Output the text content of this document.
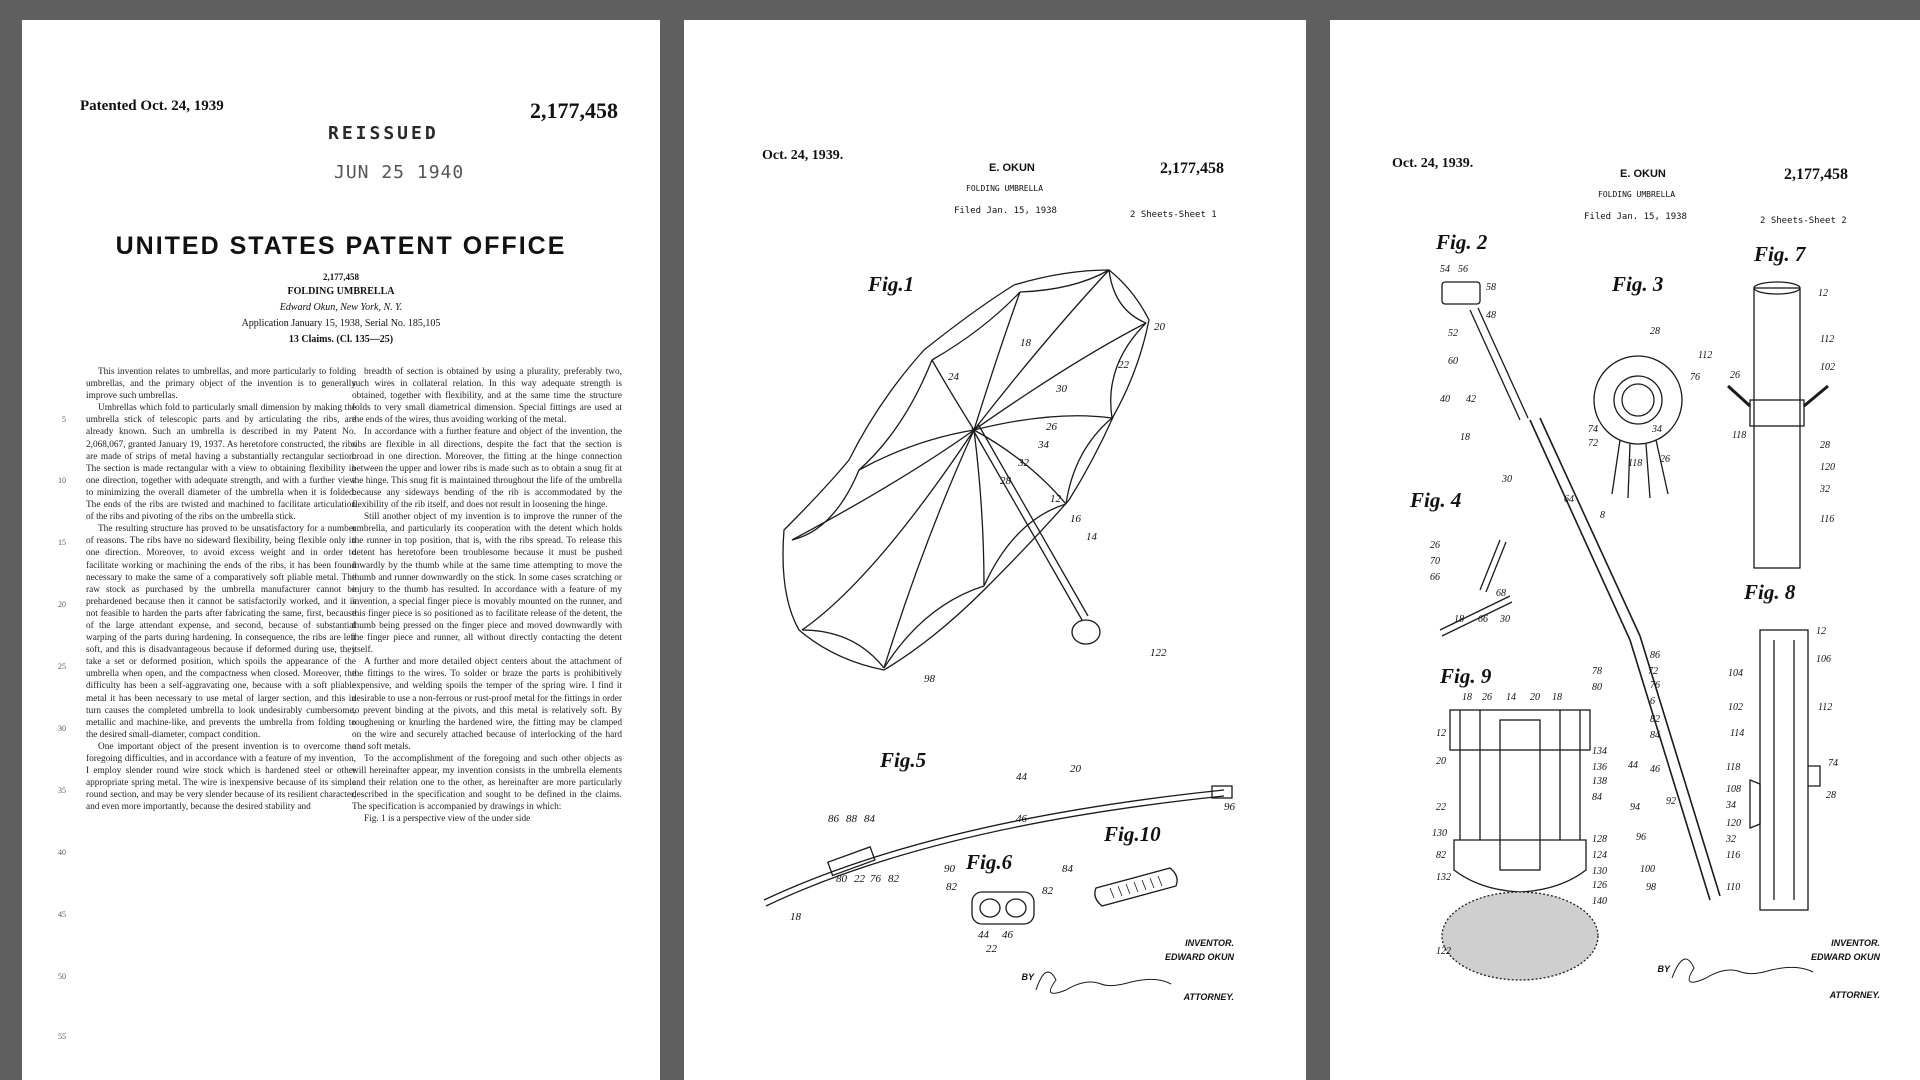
Patented Oct. 24, 1939	2,177,458
REISSUED
JUN 25 1940
UNITED STATES PATENT OFFICE
2,177,458
FOLDING UMBRELLA
Edward Okun, New York, N. Y.
Application January 15, 1938, Serial No. 185,105
13 Claims. (Cl. 135—25)

This invention relates to umbrellas, and more particularly to folding umbrellas, and the primary object of the invention is to generally improve such umbrellas.

Umbrellas which fold to particularly small dimension by making the umbrella stick of telescopic parts and by articulating the ribs, are already known. Such an umbrella is described in my Patent No. 2,068,067, granted January 19, 1937. As heretofore constructed, the ribs are made of strips of metal having a substantially rectangular section. The section is made rectangular with a view to obtaining flexibility in one direction, together with adequate strength, and with a further view to minimizing the overall diameter of the umbrella when it is folded. The ends of the ribs are twisted and machined to facilitate articulation of the ribs and pivoting of the ribs on the umbrella stick.

The resulting structure has proved to be unsatisfactory for a number of reasons. The ribs have no sideward flexibility, being flexible only in one direction. Moreover, to avoid excess weight and in order to facilitate working or machining the ends of the ribs, it has been found necessary to make the same of a comparatively soft pliable metal. The raw stock as purchased by the umbrella manufacturer cannot be prehardened because then it cannot be satisfactorily worked, and it is not feasible to harden the parts after fabricating the same, first, because of the large attendant expense, and second, because of substantial warping of the parts during hardening. In consequence, the ribs are left soft, and this is disadvantageous because if deformed during use, they take a set or deformed position, which spoils the appearance of the umbrella when open, and the compactness when closed. Moreover, the difficulty has been a self-aggravating one, because with a soft pliable metal it has been necessary to use metal of larger section, and this in turn causes the completed umbrella to look undesirably cumbersome, metallic and machine-like, and prevents the umbrella from folding to the desired small-diameter, compact condition.

One important object of the present invention is to overcome the foregoing difficulties, and in accordance with a feature of my invention, I employ slender round wire stock which is hardened steel or other appropriate spring metal. The wire is inexpensive because of its simple round section, and may be very slender because of its resilient character, and even more importantly, because the desired stability and

breadth of section is obtained by using a plurality, preferably two, such wires in collateral relation. In this way adequate strength is obtained, together with flexibility, and at the same time the structure folds to very small diametrical dimension. Special fittings are used at the ends of the wires, thus avoiding working of the metal.

In accordance with a further feature and object of the invention, the ribs are flexible in all directions, despite the fact that the section is broad in one direction. Moreover, the fitting at the hinge connection between the upper and lower ribs is made such as to obtain a snug fit at the hinge. This snug fit is maintained throughout the life of the umbrella because any sideways bending of the rib is accommodated by the flexibility of the rib itself, and does not result in loosening the hinge.

Still another object of my invention is to improve the runner of the umbrella, and particularly its cooperation with the detent which holds the runner in top position, that is, with the ribs spread. To release this detent has heretofore been troublesome because it must be pushed inwardly by the thumb while at the same time attempting to move the thumb and runner downwardly on the stick. In some cases scratching or injury to the thumb has resulted. In accordance with a feature of my invention, a special finger piece is movably mounted on the runner, and this finger piece is so positioned as to facilitate release of the detent, the thumb being pressed on the finger piece and moved downwardly with the finger piece and runner, all without directly contacting the detent itself.

A further and more detailed object centers about the attachment of the fittings to the wires. To solder or braze the parts is prohibitively expensive, and welding spoils the temper of the spring wire. I find it desirable to use a non-ferrous or rust-proof metal for the fittings in order to prevent binding at the pivots, and this metal is relatively soft. By roughening or knurling the hardened wire, the fitting may be clamped on the wire and securely attached because of interlocking of the hard and soft metals.

To the accomplishment of the foregoing and such other objects as will hereinafter appear, my invention consists in the umbrella elements and their relation one to the other, as hereinafter are more particularly described in the specification and sought to be defined in the claims. The specification is accompanied by drawings in which:

Fig. 1 is a perspective view of the under side

5
10
15
20
25
30
35
40
45
50
55
Oct. 24, 1939.
E. OKUN
FOLDING UMBRELLA
Filed Jan. 15, 1938	2 Sheets-Sheet 1
2,177,458
Fig.1
Fig.5
Fig.6
Fig.10
18
20
22
24
30
26
34
32
28
12
16
14
122
98
44
20
46
96
86 88 84
80 22 76 82
90	84
82	82
44 46
22
18
INVENTOR.
EDWARD OKUN
BY
ATTORNEY.
Oct. 24, 1939.
E. OKUN
FOLDING UMBRELLA
Filed Jan. 15, 1938	2 Sheets-Sheet 2
2,177,458
Fig. 2
Fig. 3
Fig. 7
Fig. 4
Fig. 8
Fig. 9
54 56
58
48
52
60
40 42
18
30
64
28
112
76
74
72
26
118
34
8
12
112
102
26
118
28
120
32
116
26
70
66
68
18 66 30
12
106
104
102	112
114
118	74
108
34
120
28
32
116
110
86
72
76
78
80
6
82
84
44 46
94
92
96
100
98
18 26 14 20 18
12
20
22
130
82
132
122
134
136
138
84
128
124
130
126
140
INVENTOR.
EDWARD OKUN
BY
ATTORNEY.
